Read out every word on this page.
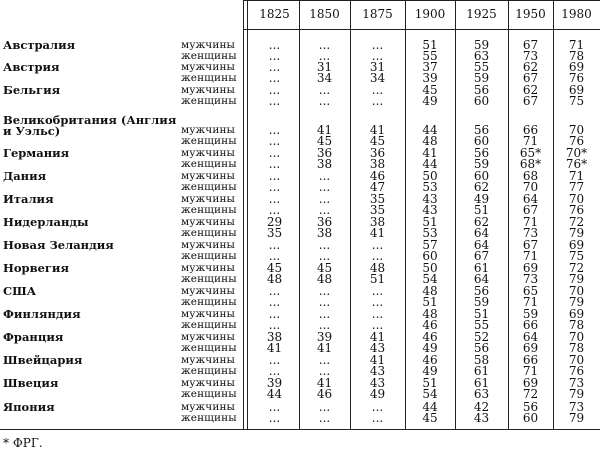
1825	1850	1875	1900	1925	1950	1980
Австралия	мужчины	...	...	...	51	59	67	71
женщины	...	...	...	55	63	73	78
Австрия	мужчины	...	31	31	37	55	62	69
женщины	...	34	34	39	59	67	76
Бельгия	мужчины	...	...	...	45	56	62	69
женщины	...	...	...	49	60	67	75
Великобритания (Англия
и Уэльс)	мужчины	...	41	41	44	56	66	70
женщины	...	45	45	48	60	71	76
Германия	мужчины	...	36	36	41	56	65*	70*
женщины	...	38	38	44	59	68*	76*
Дания	мужчины	...	...	46	50	60	68	71
женщины	...	...	47	53	62	70	77
Италия	мужчины	...	...	35	43	49	64	70
женщины	...	...	35	43	51	67	76
Нидерланды	мужчины	29	36	38	51	62	71	72
женщины	35	38	41	53	64	73	79
Новая Зеландия	мужчины	...	...	...	57	64	67	69
женщины	...	...	...	60	67	71	75
Норвегия	мужчины	45	45	48	50	61	69	72
женщины	48	48	51	54	64	73	79
США	мужчины	...	...	...	48	56	65	70
женщины	...	...	...	51	59	71	79
Финляндия	мужчины	...	...	...	48	51	59	69
женщины	...	...	...	46	55	66	78
Франция	мужчины	38	39	41	46	52	64	70
женщины	41	41	43	49	56	69	78
Швейцария	мужчины	...	...	41	46	58	66	70
женщины	...	...	43	49	61	71	76
Швеция	мужчины	39	41	43	51	61	69	73
женщины	44	46	49	54	63	72	79
Япония	мужчины	...	...	...	44	42	56	73
женщины	...	...	...	45	43	60	79
* ФРГ.
